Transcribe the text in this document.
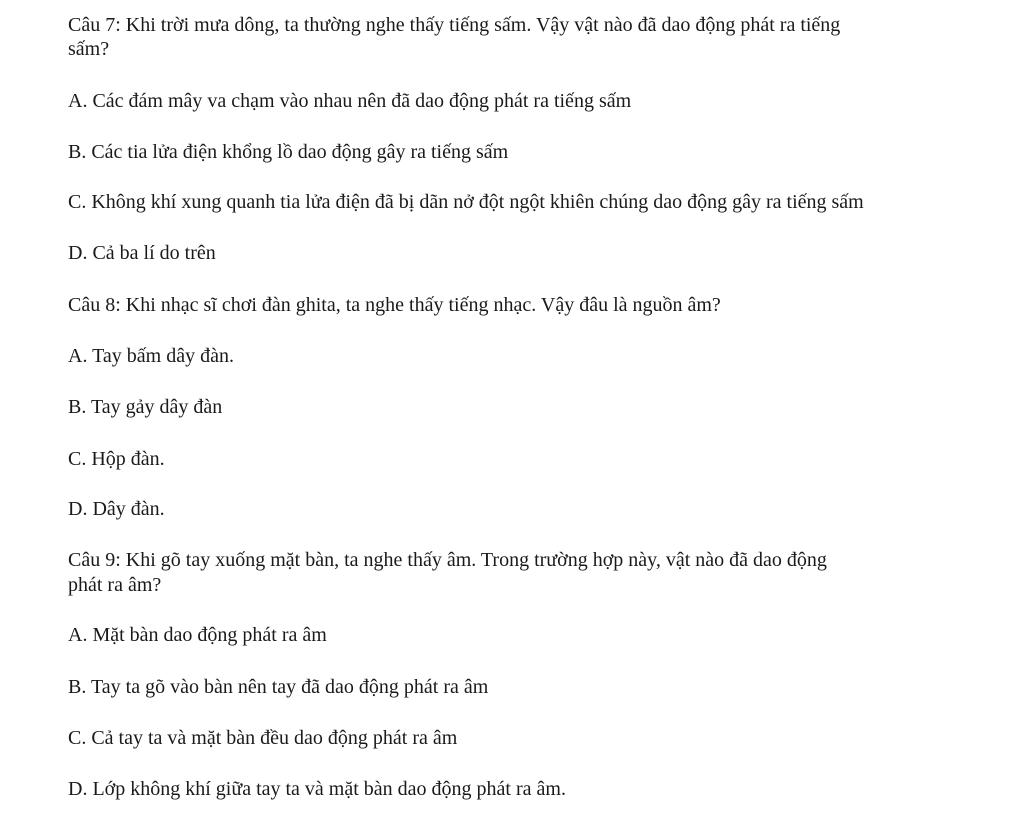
Câu 7: Khi trời mưa dông, ta thường nghe thấy tiếng sấm. Vậy vật nào đã dao động phát ra tiếng
sấm?
A. Các đám mây va chạm vào nhau nên đã dao động phát ra tiếng sấm
B. Các tia lửa điện khổng lồ dao động gây ra tiếng sấm
C. Không khí xung quanh tia lửa điện đã bị dãn nở đột ngột khiên chúng dao động gây ra tiếng sấm
D. Cả ba lí do trên
Câu 8: Khi nhạc sĩ chơi đàn ghita, ta nghe thấy tiếng nhạc. Vậy đâu là nguồn âm?
A. Tay bấm dây đàn.
B. Tay gảy dây đàn
C. Hộp đàn.
D. Dây đàn.
Câu 9: Khi gõ tay xuống mặt bàn, ta nghe thấy âm. Trong trường hợp này, vật nào đã dao động
phát ra âm?
A. Mặt bàn dao động phát ra âm
B. Tay ta gõ vào bàn nên tay đã dao động phát ra âm
C. Cả tay ta và mặt bàn đều dao động phát ra âm
D. Lớp không khí giữa tay ta và mặt bàn dao động phát ra âm.
